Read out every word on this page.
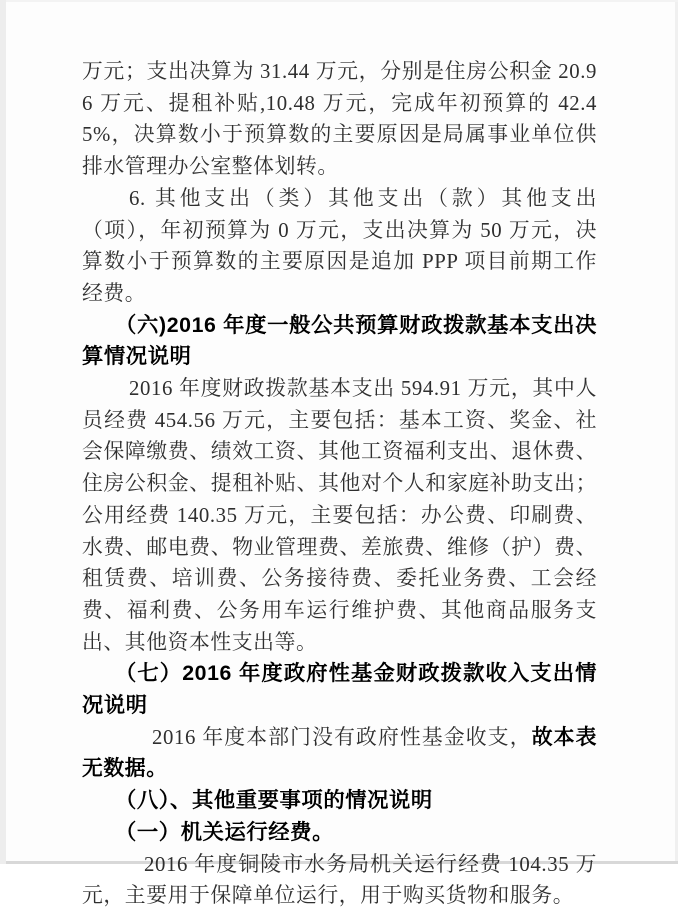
万元；支出决算为 31.44 万元，分别是住房公积金 20.96 万元、提租补贴,10.48 万元，完成年初预算的 42.45%，决算数小于预算数的主要原因是局属事业单位供排水管理办公室整体划转。

6. 其他支出（类）其他支出（款）其他支出（项），年初预算为 0 万元，支出决算为 50 万元，决算数小于预算数的主要原因是追加 PPP 项目前期工作经费。

（六)2016 年度一般公共预算财政拨款基本支出决算情况说明

2016 年度财政拨款基本支出 594.91 万元，其中人员经费 454.56 万元，主要包括：基本工资、奖金、社会保障缴费、绩效工资、其他工资福利支出、退休费、住房公积金、提租补贴、其他对个人和家庭补助支出；公用经费 140.35 万元，主要包括：办公费、印刷费、水费、邮电费、物业管理费、差旅费、维修（护）费、租赁费、培训费、公务接待费、委托业务费、工会经费、福利费、公务用车运行维护费、其他商品服务支出、其他资本性支出等。

（七）2016 年度政府性基金财政拨款收入支出情况说明

2016 年度本部门没有政府性基金收支，故本表无数据。

（八）、其他重要事项的情况说明

（一）机关运行经费。

2016 年度铜陵市水务局机关运行经费 104.35 万元，主要用于保障单位运行，用于购买货物和服务。
